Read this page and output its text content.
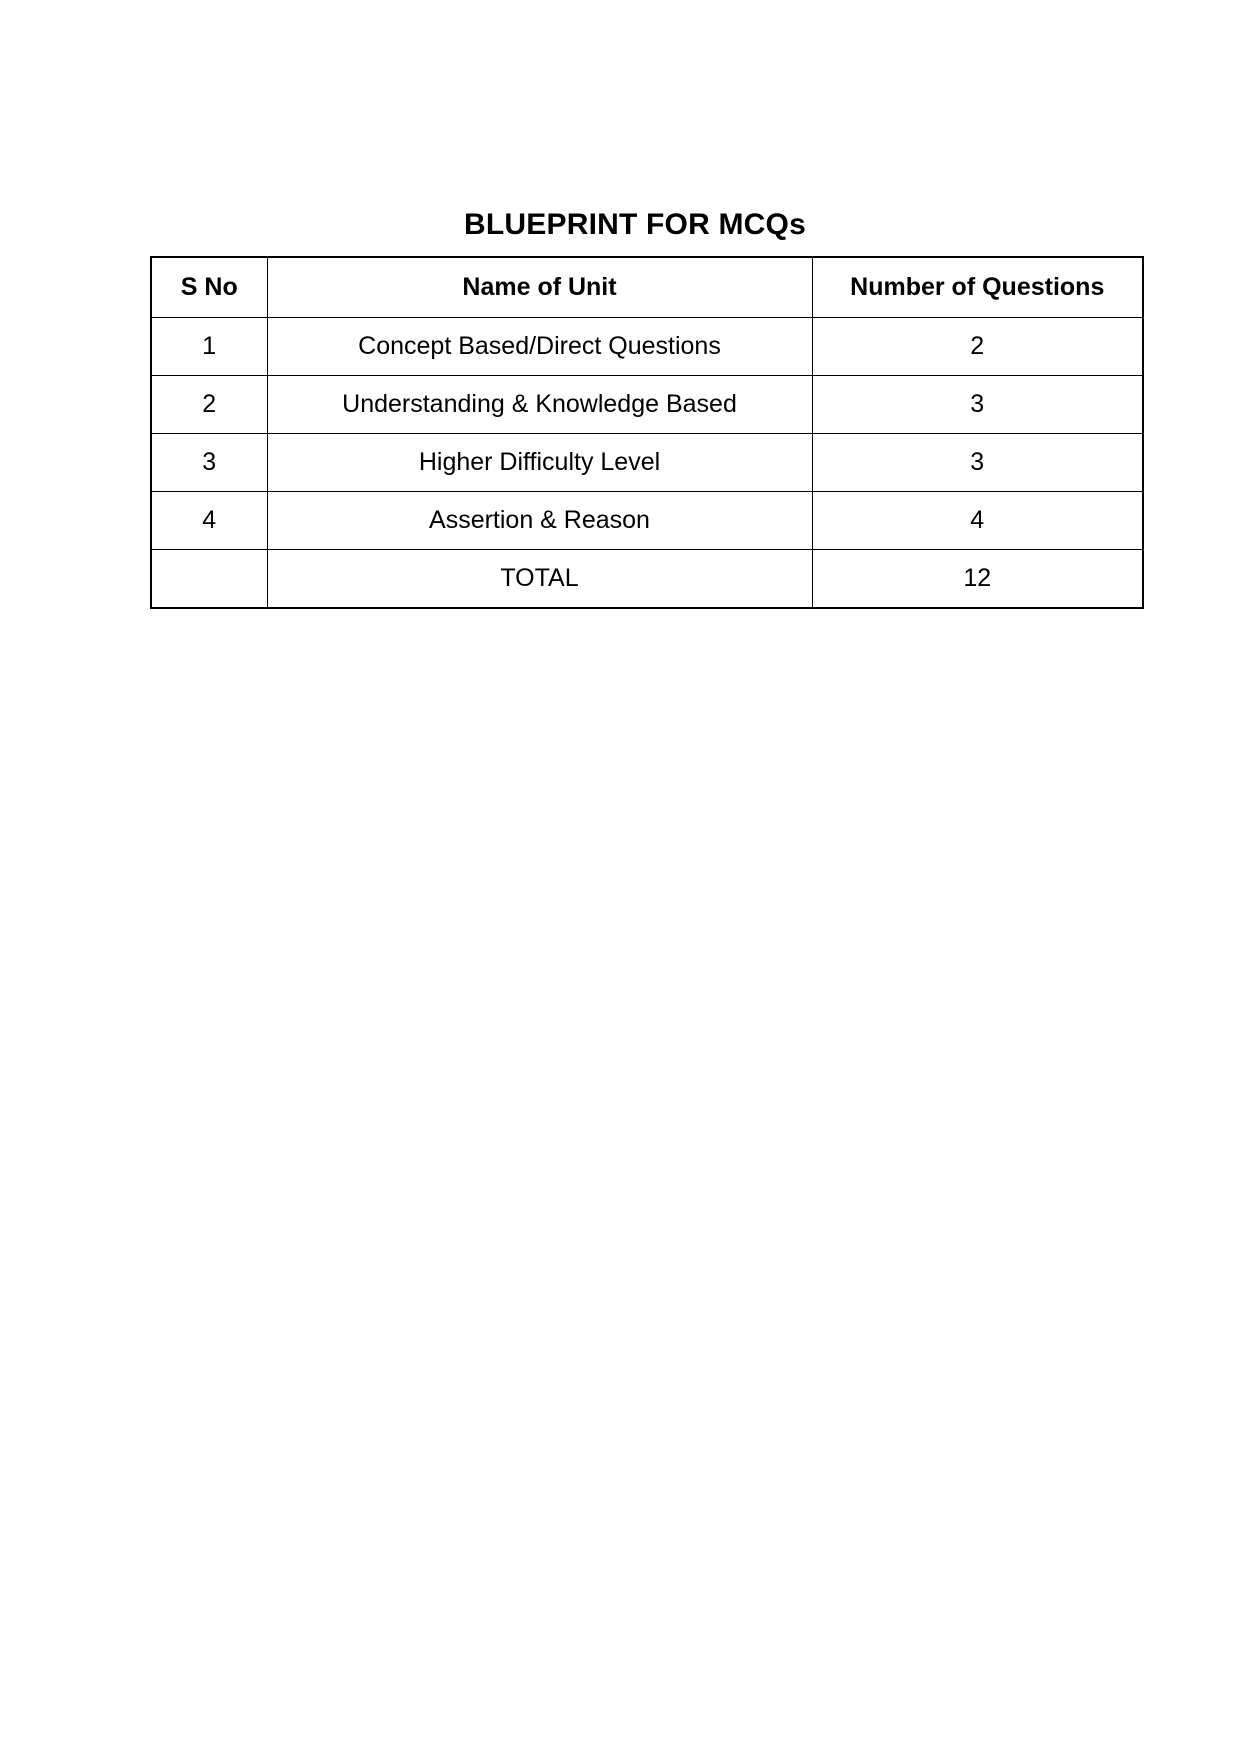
BLUEPRINT FOR MCQs
S No	Name of Unit	Number of Questions
1	Concept Based/Direct Questions	2
2	Understanding & Knowledge Based	3
3	Higher Difficulty Level	3
4	Assertion & Reason	4
	TOTAL	12
